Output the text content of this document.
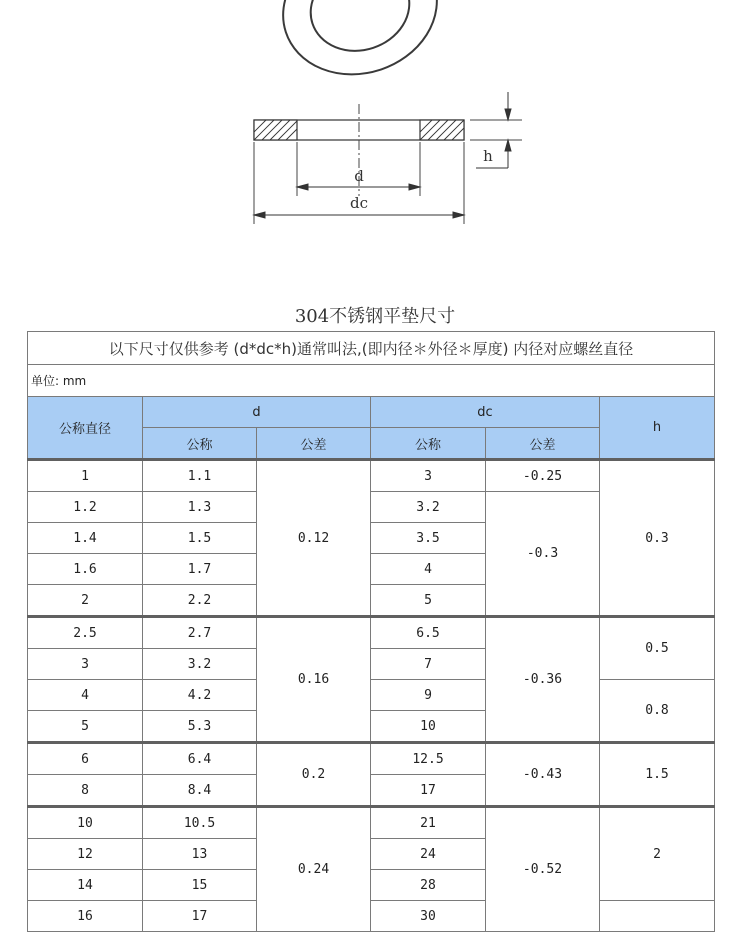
d
dc
h
304不锈钢平垫尺寸
以下尺寸仅供参考 (d*dc*h)通常叫法,(即内径＊外径＊厚度) 内径对应螺丝直径					
单位: mm					
公称直径	d		dc		h
	公称	公差	公称	公差	
1	1.1	0.12	3	-0.25	0.3
1.2	1.3		3.2	-0.3	
1.4	1.5		3.5		
1.6	1.7		4		
2	2.2		5		
2.5	2.7	0.16	6.5	-0.36	0.5
3	3.2		7		
4	4.2		9		0.8
5	5.3		10		
6	6.4	0.2	12.5	-0.43	1.5
8	8.4		17		
10	10.5	0.24	21	-0.52	2
12	13		24		
14	15		28		
16	17		30		
